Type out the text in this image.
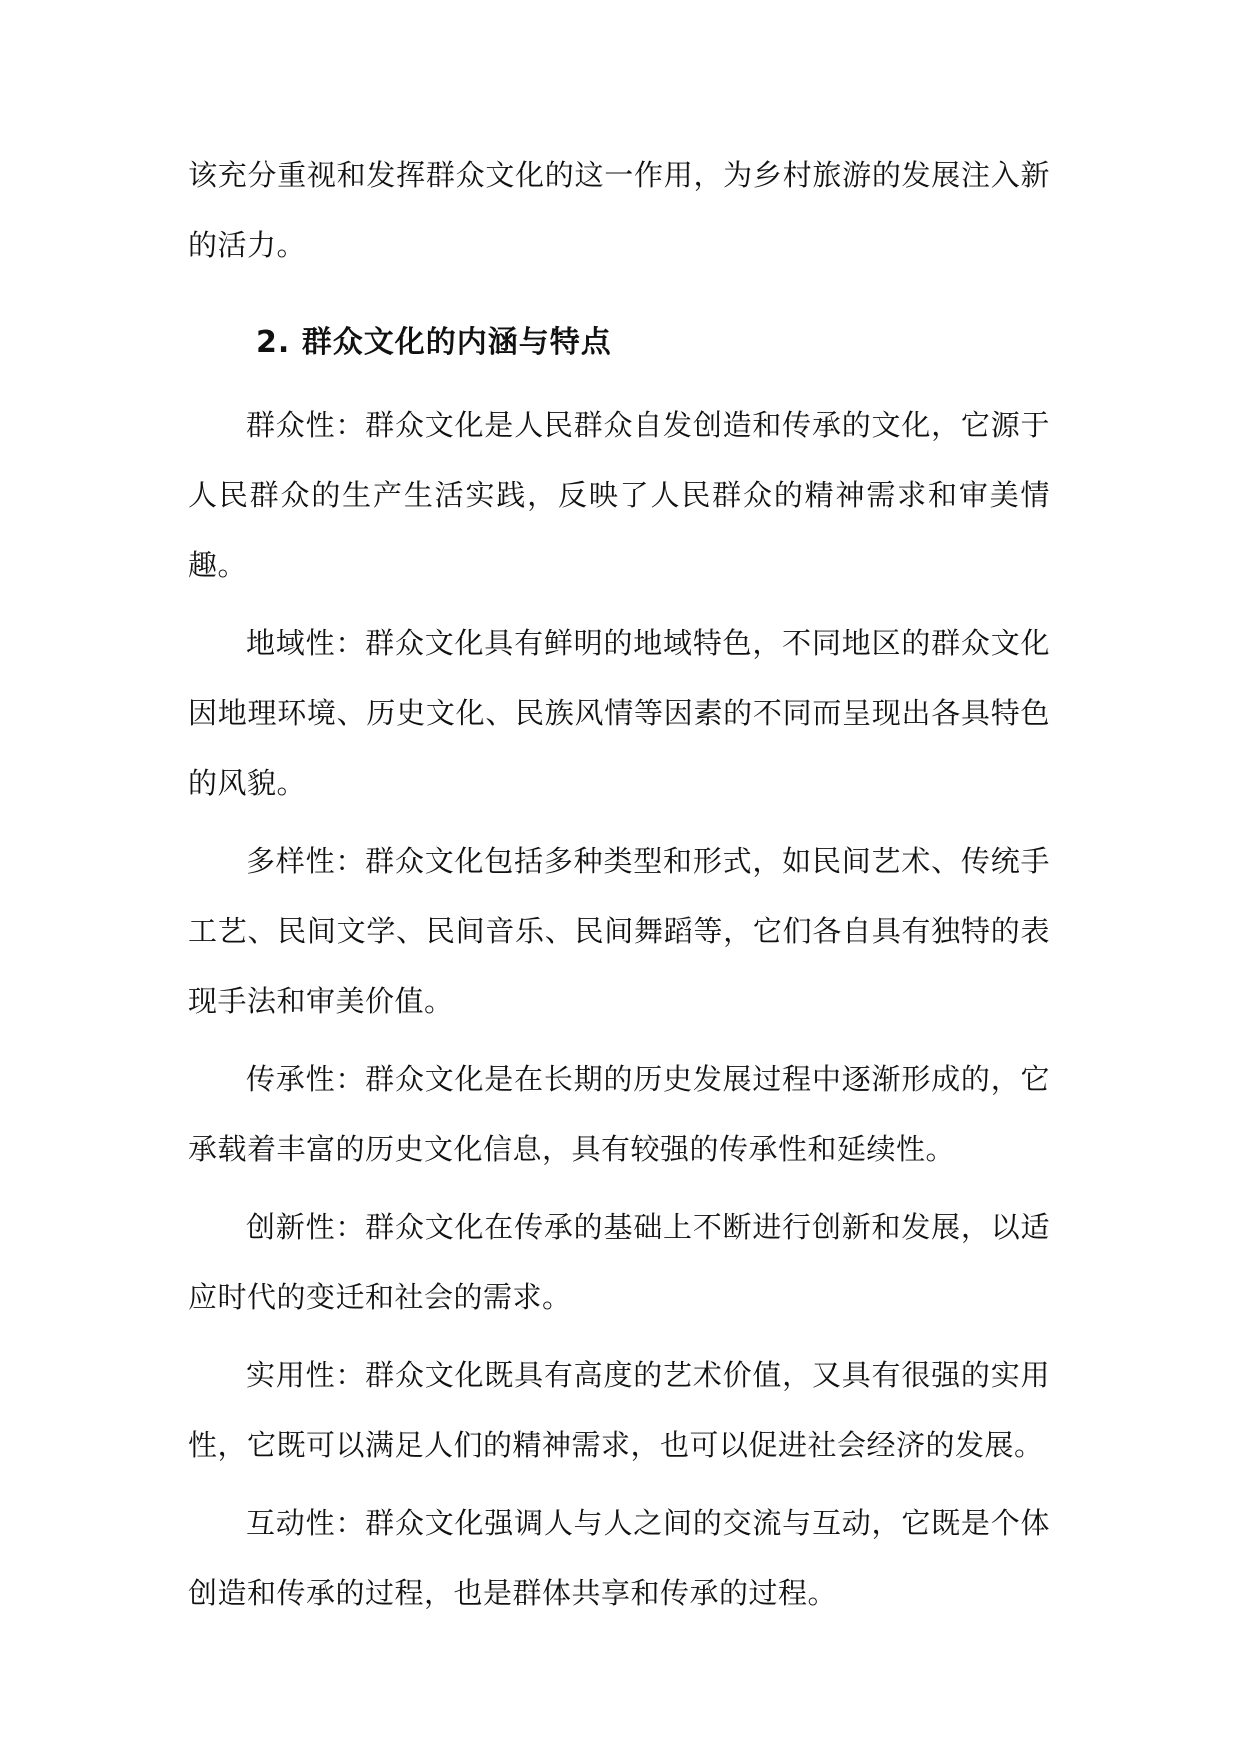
该充分重视和发挥群众文化的这一作用，为乡村旅游的发展注入新的活力。

2. 群众文化的内涵与特点

群众性：群众文化是人民群众自发创造和传承的文化，它源于人民群众的生产生活实践，反映了人民群众的精神需求和审美情趣。

地域性：群众文化具有鲜明的地域特色，不同地区的群众文化因地理环境、历史文化、民族风情等因素的不同而呈现出各具特色的风貌。

多样性：群众文化包括多种类型和形式，如民间艺术、传统手工艺、民间文学、民间音乐、民间舞蹈等，它们各自具有独特的表现手法和审美价值。

传承性：群众文化是在长期的历史发展过程中逐渐形成的，它承载着丰富的历史文化信息，具有较强的传承性和延续性。

创新性：群众文化在传承的基础上不断进行创新和发展，以适应时代的变迁和社会的需求。

实用性：群众文化既具有高度的艺术价值，又具有很强的实用性，它既可以满足人们的精神需求，也可以促进社会经济的发展。

互动性：群众文化强调人与人之间的交流与互动，它既是个体创造和传承的过程，也是群体共享和传承的过程。
